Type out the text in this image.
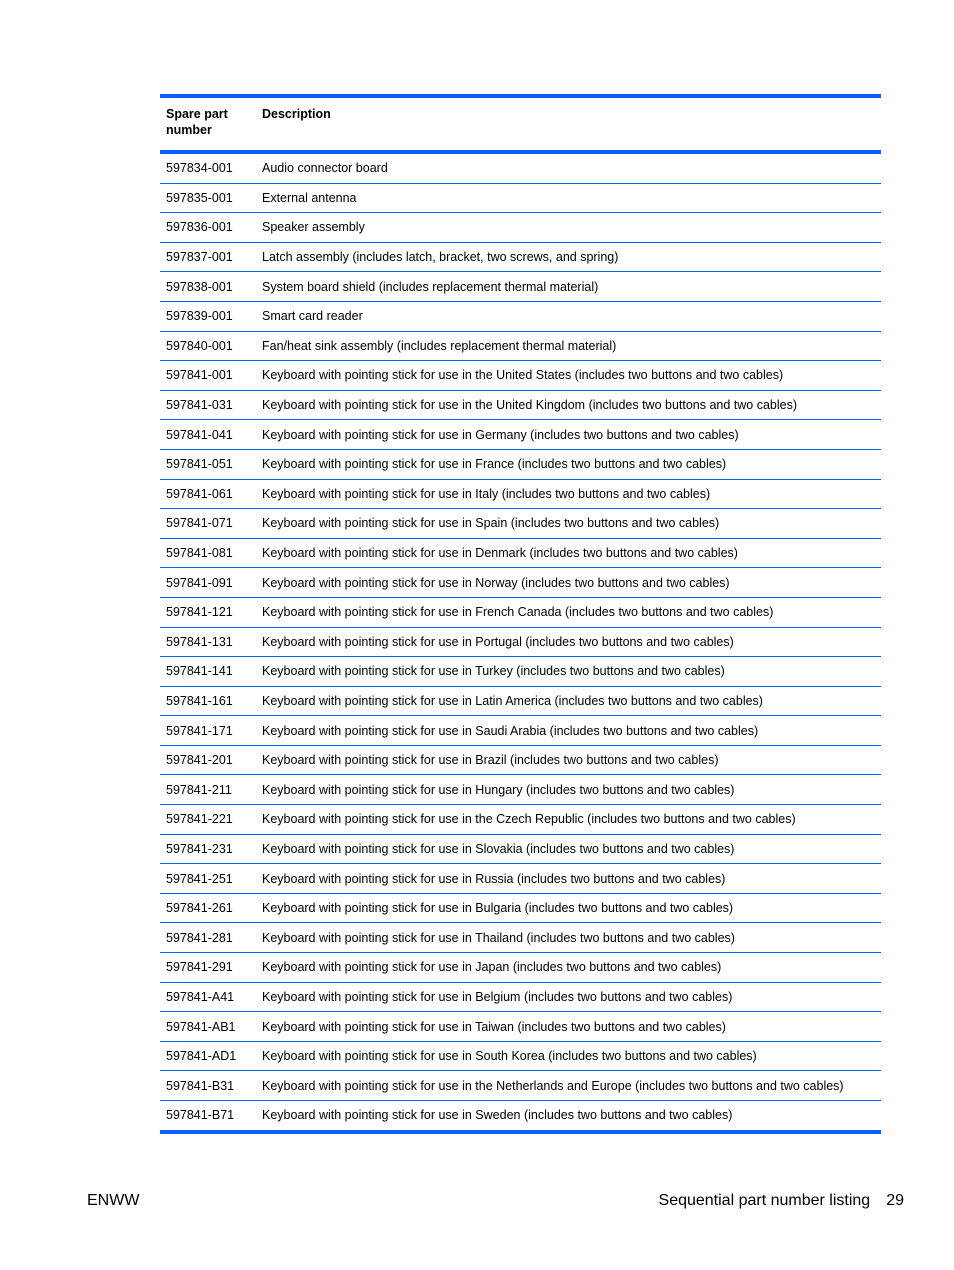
Spare part number	Description
597834-001	Audio connector board
597835-001	External antenna
597836-001	Speaker assembly
597837-001	Latch assembly (includes latch, bracket, two screws, and spring)
597838-001	System board shield (includes replacement thermal material)
597839-001	Smart card reader
597840-001	Fan/heat sink assembly (includes replacement thermal material)
597841-001	Keyboard with pointing stick for use in the United States (includes two buttons and two cables)
597841-031	Keyboard with pointing stick for use in the United Kingdom (includes two buttons and two cables)
597841-041	Keyboard with pointing stick for use in Germany (includes two buttons and two cables)
597841-051	Keyboard with pointing stick for use in France (includes two buttons and two cables)
597841-061	Keyboard with pointing stick for use in Italy (includes two buttons and two cables)
597841-071	Keyboard with pointing stick for use in Spain (includes two buttons and two cables)
597841-081	Keyboard with pointing stick for use in Denmark (includes two buttons and two cables)
597841-091	Keyboard with pointing stick for use in Norway (includes two buttons and two cables)
597841-121	Keyboard with pointing stick for use in French Canada (includes two buttons and two cables)
597841-131	Keyboard with pointing stick for use in Portugal (includes two buttons and two cables)
597841-141	Keyboard with pointing stick for use in Turkey (includes two buttons and two cables)
597841-161	Keyboard with pointing stick for use in Latin America (includes two buttons and two cables)
597841-171	Keyboard with pointing stick for use in Saudi Arabia (includes two buttons and two cables)
597841-201	Keyboard with pointing stick for use in Brazil (includes two buttons and two cables)
597841-211	Keyboard with pointing stick for use in Hungary (includes two buttons and two cables)
597841-221	Keyboard with pointing stick for use in the Czech Republic (includes two buttons and two cables)
597841-231	Keyboard with pointing stick for use in Slovakia (includes two buttons and two cables)
597841-251	Keyboard with pointing stick for use in Russia (includes two buttons and two cables)
597841-261	Keyboard with pointing stick for use in Bulgaria (includes two buttons and two cables)
597841-281	Keyboard with pointing stick for use in Thailand (includes two buttons and two cables)
597841-291	Keyboard with pointing stick for use in Japan (includes two buttons and two cables)
597841-A41	Keyboard with pointing stick for use in Belgium (includes two buttons and two cables)
597841-AB1	Keyboard with pointing stick for use in Taiwan (includes two buttons and two cables)
597841-AD1	Keyboard with pointing stick for use in South Korea (includes two buttons and two cables)
597841-B31	Keyboard with pointing stick for use in the Netherlands and Europe (includes two buttons and two cables)
597841-B71	Keyboard with pointing stick for use in Sweden (includes two buttons and two cables)
ENWW	Sequential part number listing 29
